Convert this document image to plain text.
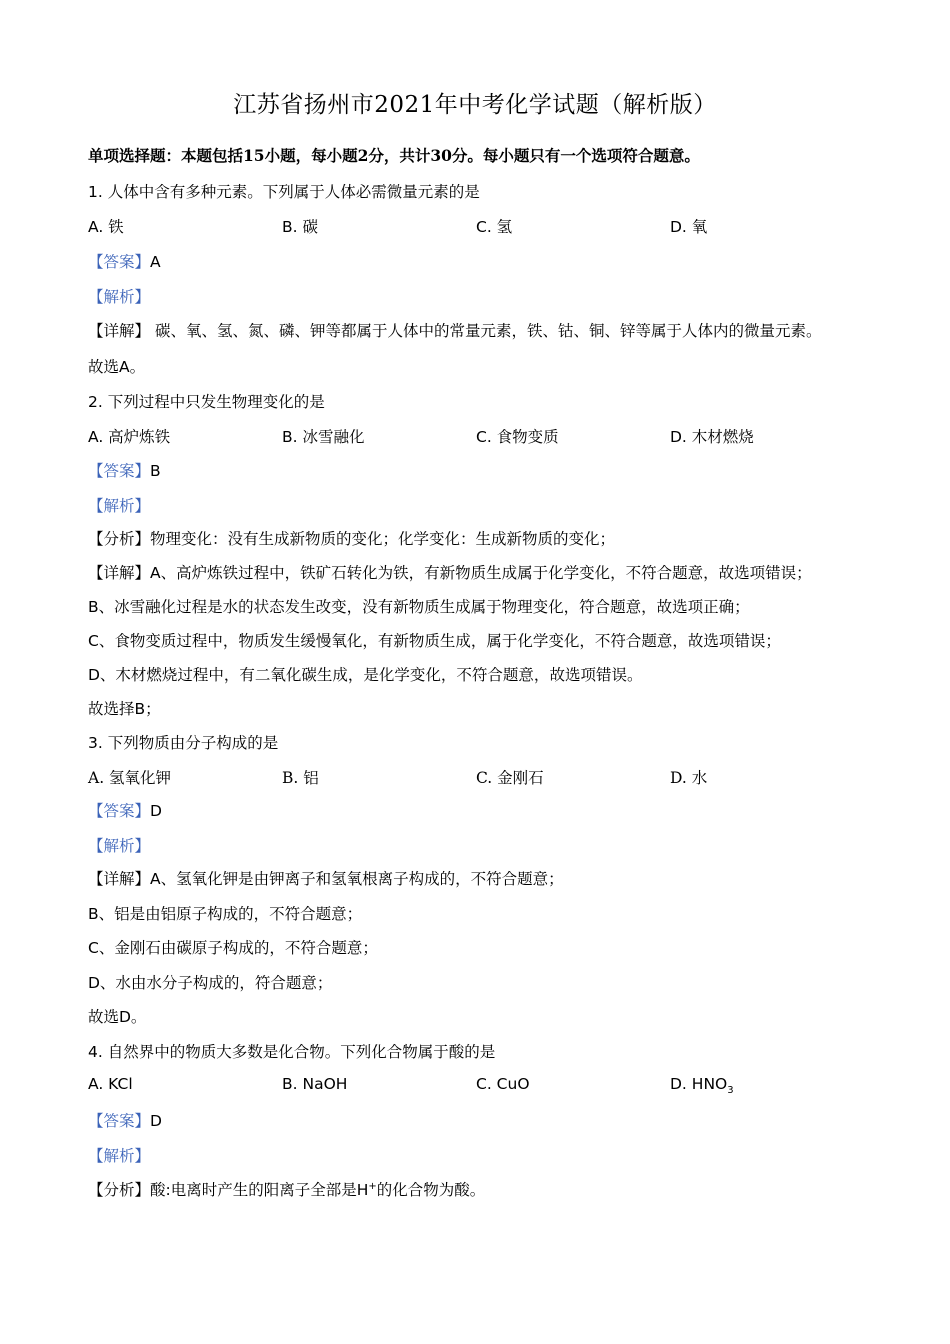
江苏省扬州市2021年中考化学试题（解析版）
单项选择题：本题包括15小题，每小题2分，共计30分。每小题只有一个选项符合题意。
1. 人体中含有多种元素。下列属于人体必需微量元素的是
A. 铁	B. 碳	C. 氢	D. 氧
【答案】A
【解析】
【详解】 碳、氧、氢、氮、磷、钾等都属于人体中的常量元素，铁、钴、铜、锌等属于人体内的微量元素。
故选A。
2. 下列过程中只发生物理变化的是
A. 高炉炼铁	B. 冰雪融化	C. 食物变质	D. 木材燃烧
【答案】B
【解析】
【分析】物理变化：没有生成新物质的变化；化学变化：生成新物质的变化；
【详解】A、高炉炼铁过程中，铁矿石转化为铁，有新物质生成属于化学变化，不符合题意，故选项错误；
B、冰雪融化过程是水的状态发生改变，没有新物质生成属于物理变化，符合题意，故选项正确；
C、食物变质过程中，物质发生缓慢氧化，有新物质生成，属于化学变化，不符合题意，故选项错误；
D、木材燃烧过程中，有二氧化碳生成，是化学变化，不符合题意，故选项错误。
故选择B；
3. 下列物质由分子构成的是
A. 氢氧化钾	B. 铝	C. 金刚石	D. 水
【答案】D
【解析】
【详解】A、氢氧化钾是由钾离子和氢氧根离子构成的，不符合题意；
B、铝是由铝原子构成的，不符合题意；
C、金刚石由碳原子构成的，不符合题意；
D、水由水分子构成的，符合题意；
故选D。
4. 自然界中的物质大多数是化合物。下列化合物属于酸的是
A. KCl	B. NaOH	C. CuO	D. $HNO_3$
【答案】D
【解析】
【分析】酸:电离时产生的阳离子全部是H+的化合物为酸。
